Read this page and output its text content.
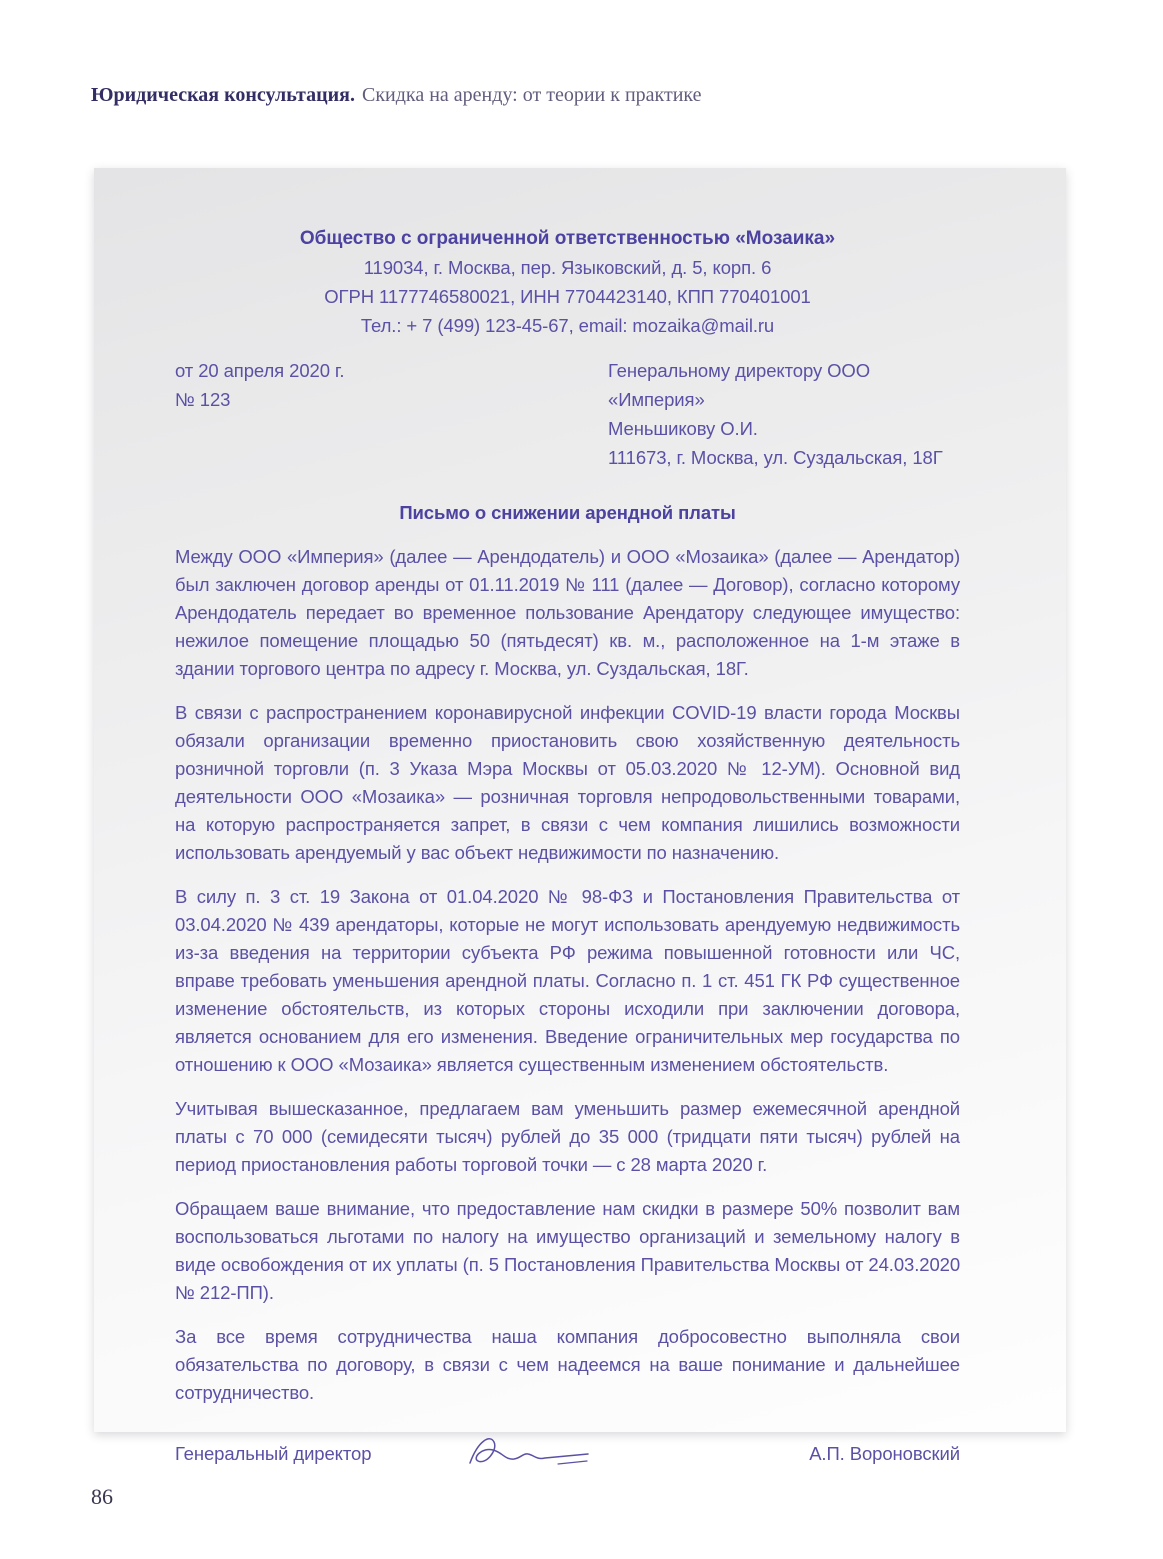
Юридическая консультация. Скидка на аренду: от теории к практике
Общество с ограниченной ответственностью «Мозаика»
119034, г. Москва, пер. Языковский, д. 5, корп. 6
ОГРН 1177746580021, ИНН 7704423140, КПП 770401001
Тел.: + 7 (499) 123-45-67, email: mozaika@mail.ru
от 20 апреля 2020 г.
№ 123
Генеральному директору ООО «Империя»
Меньшикову О.И.
111673, г. Москва, ул. Суздальская, 18Г
Письмо о снижении арендной платы

Между ООО «Империя» (далее — Арендодатель) и ООО «Мозаика» (далее — Арендатор) был заключен договор аренды от 01.11.2019 № 111 (далее — Договор), согласно которому Арендодатель передает во временное пользование Арендатору следующее имущество: нежилое помещение площадью 50 (пятьдесят) кв. м., расположенное на 1-м этаже в здании торгового центра по адресу г. Москва, ул. Суздальская, 18Г.

В связи с распространением коронавирусной инфекции COVID-19 власти города Москвы обязали организации временно приостановить свою хозяйственную деятельность розничной торговли (п. 3 Указа Мэра Москвы от 05.03.2020 № 12-УМ). Основной вид деятельности ООО «Мозаика» — розничная торговля непродовольственными товарами, на которую распространяется запрет, в связи с чем компания лишились возможности использовать арендуемый у вас объект недвижимости по назначению.

В силу п. 3 ст. 19 Закона от 01.04.2020 № 98-ФЗ и Постановления Правительства от 03.04.2020 № 439 арендаторы, которые не могут использовать арендуемую недвижимость из-за введения на территории субъекта РФ режима повышенной готовности или ЧС, вправе требовать уменьшения арендной платы. Согласно п. 1 ст. 451 ГК РФ существенное изменение обстоятельств, из которых стороны исходили при заключении договора, является основанием для его изменения. Введение ограничительных мер государства по отношению к ООО «Мозаика» является существенным изменением обстоятельств.

Учитывая вышесказанное, предлагаем вам уменьшить размер ежемесячной арендной платы с 70 000 (семидесяти тысяч) рублей до 35 000 (тридцати пяти тысяч) рублей на период приостановления работы торговой точки — с 28 марта 2020 г.

Обращаем ваше внимание, что предоставление нам скидки в размере 50% позволит вам воспользоваться льготами по налогу на имущество организаций и земельному налогу в виде освобождения от их уплаты (п. 5 Постановления Правительства Москвы от 24.03.2020 № 212-ПП).

За все время сотрудничества наша компания добросовестно выполняла свои обязательства по договору, в связи с чем надеемся на ваше понимание и дальнейшее сотрудничество.

Генеральный директор	А.П. Вороновский
86
